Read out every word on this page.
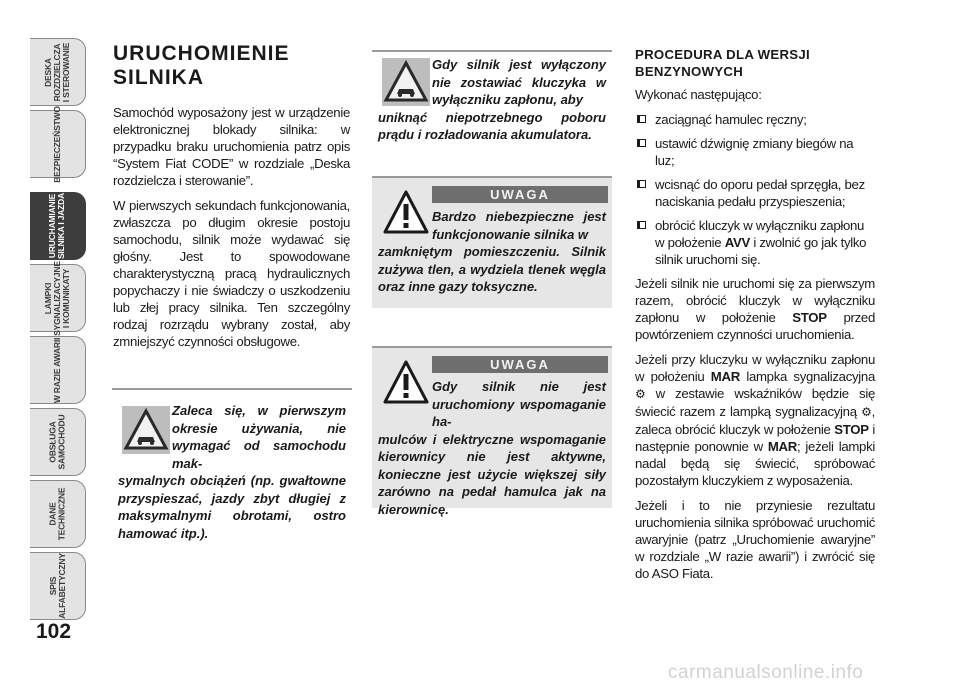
DESKA
ROZDZIELCZA
I STEROWANIE
BEZPIECZEŃSTWO
URUCHAMIANIE
SILNIKA I JAZDA
LAMPKI
SYGNALIZACYJNE
I KOMUNIKATY
W RAZIE AWARII
OBSŁUGA
SAMOCHODU
DANE
TECHNICZNE
SPIS
ALFABETYCZNY
102
URUCHOMIENIE
SILNIKA

Samochód wyposażony jest w urządzenie elektronicznej blokady silnika: w przypadku braku uruchomienia patrz opis “System Fiat CODE” w rozdziale „Deska rozdzielcza i sterowanie”.

W pierwszych sekundach funkcjonowania, zwłaszcza po długim okresie postoju samochodu, silnik może wydawać się głośny. Jest to spowodowane charakterystyczną pracą hydraulicznych popychaczy i nie świadczy o uszkodzeniu lub złej pracy silnika. Ten szczególny rodzaj rozrządu wybrany został, aby zmniejszyć czynności obsługowe.

Zaleca się, w pierwszym okresie używania, nie wymagać od samochodu mak-
symalnych obciążeń (np. gwałtowne przyspieszać, jazdy zbyt długiej z maksymalnymi obrotami, ostro hamować itp.).
Gdy silnik jest wyłączony nie zostawiać kluczyka w wyłączniku zapłonu, aby
uniknąć niepotrzebnego poboru prądu i rozładowania akumulatora.
UWAGA
Bardzo niebezpieczne jest funkcjonowanie silnika w
zamkniętym pomieszczeniu. Silnik zużywa tlen, a wydziela tlenek węgla oraz inne gazy toksyczne.
UWAGA
Gdy silnik nie jest uruchomiony wspomaganie ha-
mulców i elektryczne wspomaganie kierownicy nie jest aktywne, konieczne jest użycie większej siły zarówno na pedał hamulca jak na kierownicę.
PROCEDURA DLA WERSJI
BENZYNOWYCH

Wykonać następująco:

zaciągnąć hamulec ręczny;
ustawić dźwignię zmiany biegów na luz;
wcisnąć do oporu pedał sprzęgła, bez naciskania pedału przyspieszenia;
obrócić kluczyk w wyłączniku zapłonu w położenie AVV i zwolnić go jak tylko silnik uruchomi się.

Jeżeli silnik nie uruchomi się za pierwszym razem, obrócić kluczyk w wyłączniku zapłonu w położenie STOP przed powtórzeniem czynności uruchomienia.

Jeżeli przy kluczyku w wyłączniku zapłonu w położeniu MAR lampka sygnalizacyjna ⚙ w zestawie wskaźników będzie się świecić razem z lampką sygnalizacyjną ⚙, zaleca obrócić kluczyk w położenie STOP i następnie ponownie w MAR; jeżeli lampki nadal będą się świecić, spróbować pozostałym kluczykiem z wyposażenia.

Jeżeli i to nie przyniesie rezultatu uruchomienia silnika spróbować uruchomić awaryjnie (patrz „Uruchomienie awaryjne” w rozdziale „W razie awarii”) i zwrócić się do ASO Fiata.

carmanualsonline.info
